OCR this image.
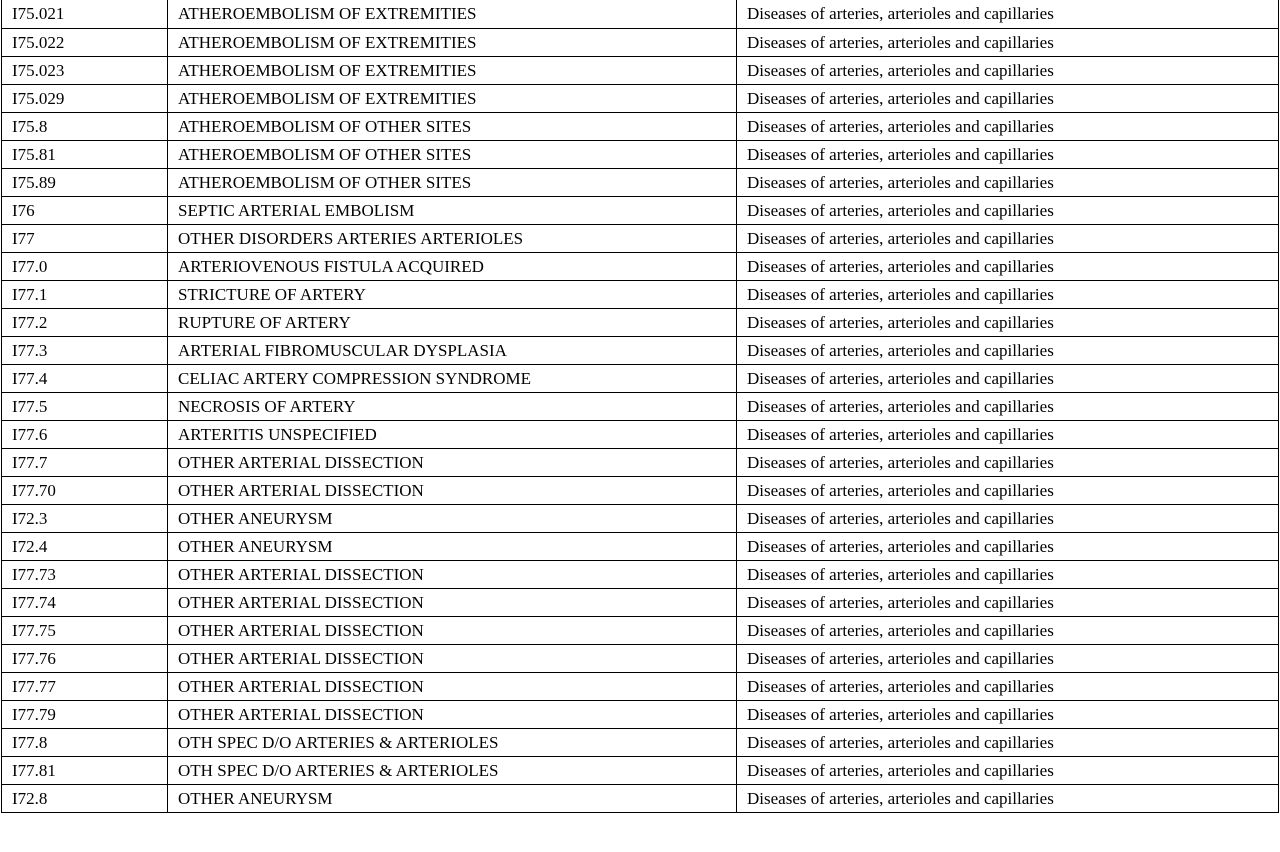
I75.021	ATHEROEMBOLISM OF EXTREMITIES	Diseases of arteries, arterioles and capillaries

I75.022	ATHEROEMBOLISM OF EXTREMITIES	Diseases of arteries, arterioles and capillaries

I75.023	ATHEROEMBOLISM OF EXTREMITIES	Diseases of arteries, arterioles and capillaries

I75.029	ATHEROEMBOLISM OF EXTREMITIES	Diseases of arteries, arterioles and capillaries

I75.8	ATHEROEMBOLISM OF OTHER SITES	Diseases of arteries, arterioles and capillaries

I75.81	ATHEROEMBOLISM OF OTHER SITES	Diseases of arteries, arterioles and capillaries

I75.89	ATHEROEMBOLISM OF OTHER SITES	Diseases of arteries, arterioles and capillaries

I76	SEPTIC ARTERIAL EMBOLISM	Diseases of arteries, arterioles and capillaries

I77	OTHER DISORDERS ARTERIES ARTERIOLES	Diseases of arteries, arterioles and capillaries

I77.0	ARTERIOVENOUS FISTULA ACQUIRED	Diseases of arteries, arterioles and capillaries

I77.1	STRICTURE OF ARTERY	Diseases of arteries, arterioles and capillaries

I77.2	RUPTURE OF ARTERY	Diseases of arteries, arterioles and capillaries

I77.3	ARTERIAL FIBROMUSCULAR DYSPLASIA	Diseases of arteries, arterioles and capillaries

I77.4	CELIAC ARTERY COMPRESSION SYNDROME	Diseases of arteries, arterioles and capillaries

I77.5	NECROSIS OF ARTERY	Diseases of arteries, arterioles and capillaries

I77.6	ARTERITIS UNSPECIFIED	Diseases of arteries, arterioles and capillaries

I77.7	OTHER ARTERIAL DISSECTION	Diseases of arteries, arterioles and capillaries

I77.70	OTHER ARTERIAL DISSECTION	Diseases of arteries, arterioles and capillaries

I72.3	OTHER ANEURYSM	Diseases of arteries, arterioles and capillaries

I72.4	OTHER ANEURYSM	Diseases of arteries, arterioles and capillaries

I77.73	OTHER ARTERIAL DISSECTION	Diseases of arteries, arterioles and capillaries

I77.74	OTHER ARTERIAL DISSECTION	Diseases of arteries, arterioles and capillaries

I77.75	OTHER ARTERIAL DISSECTION	Diseases of arteries, arterioles and capillaries

I77.76	OTHER ARTERIAL DISSECTION	Diseases of arteries, arterioles and capillaries

I77.77	OTHER ARTERIAL DISSECTION	Diseases of arteries, arterioles and capillaries

I77.79	OTHER ARTERIAL DISSECTION	Diseases of arteries, arterioles and capillaries

I77.8	OTH SPEC D/O ARTERIES & ARTERIOLES	Diseases of arteries, arterioles and capillaries

I77.81	OTH SPEC D/O ARTERIES & ARTERIOLES	Diseases of arteries, arterioles and capillaries

I72.8	OTHER ANEURYSM	Diseases of arteries, arterioles and capillaries
